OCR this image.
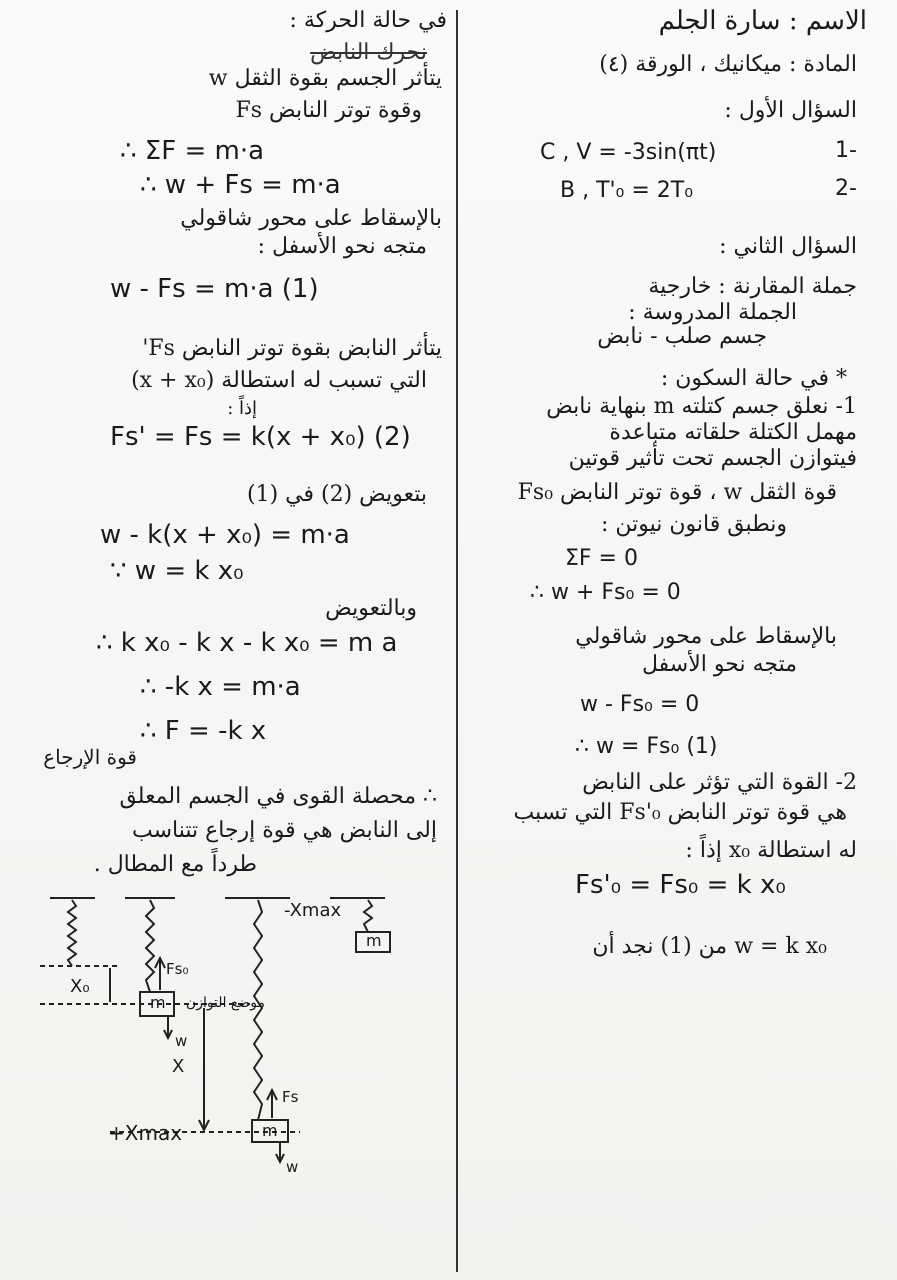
الاسم : سارة الجلم
المادة : ميكانيك ، الورقة (٤)
السؤال الأول :
1-
C , V = -3sin(πt)
2-
B , T'₀ = 2T₀
السؤال الثاني :
جملة المقارنة : خارجية
الجملة المدروسة :
جسم صلب - نابض
* في حالة السكون :
1- نعلق جسم كتلته m بنهاية نابض
مهمل الكتلة حلقاته متباعدة
فيتوازن الجسم تحت تأثير قوتين
قوة الثقل w ، قوة توتر النابض Fs₀
ونطبق قانون نيوتن :
ΣF = 0
∴ w + Fs₀ = 0
بالإسقاط على محور شاقولي
متجه نحو الأسفل
w - Fs₀ = 0
∴ w = Fs₀ (1)
2- القوة التي تؤثر على النابض
هي قوة توتر النابض Fs'₀ التي تسبب
له استطالة x₀ إذاً :
Fs'₀ = Fs₀ = k x₀
w = k x₀ من (1) نجد أن
في حالة الحركة :
نحرك النابض
يتأثر الجسم بقوة الثقل w
وقوة توتر النابض Fs
∴ ΣF = m·a
∴ w + Fs = m·a
بالإسقاط على محور شاقولي
متجه نحو الأسفل :
w - Fs = m·a (1)
يتأثر النابض بقوة توتر النابض Fs'
التي تسبب له استطالة (x + x₀)
إذاً :
Fs' = Fs = k(x + x₀) (2)
بتعويض (2) في (1)
w - k(x + x₀) = m·a
∵ w = k x₀
وبالتعويض
∴ k x₀ - k x - k x₀ = m a
∴ -k x = m·a
∴ F = -k x
قوة الإرجاع
∴ محصلة القوى في الجسم المعلق
إلى النابض هي قوة إرجاع تتناسب
طرداً مع المطال .
-Xmax
+Xmax
X₀
X
Fs₀
Fs
w
w
m
m
m
موضع التوازن
